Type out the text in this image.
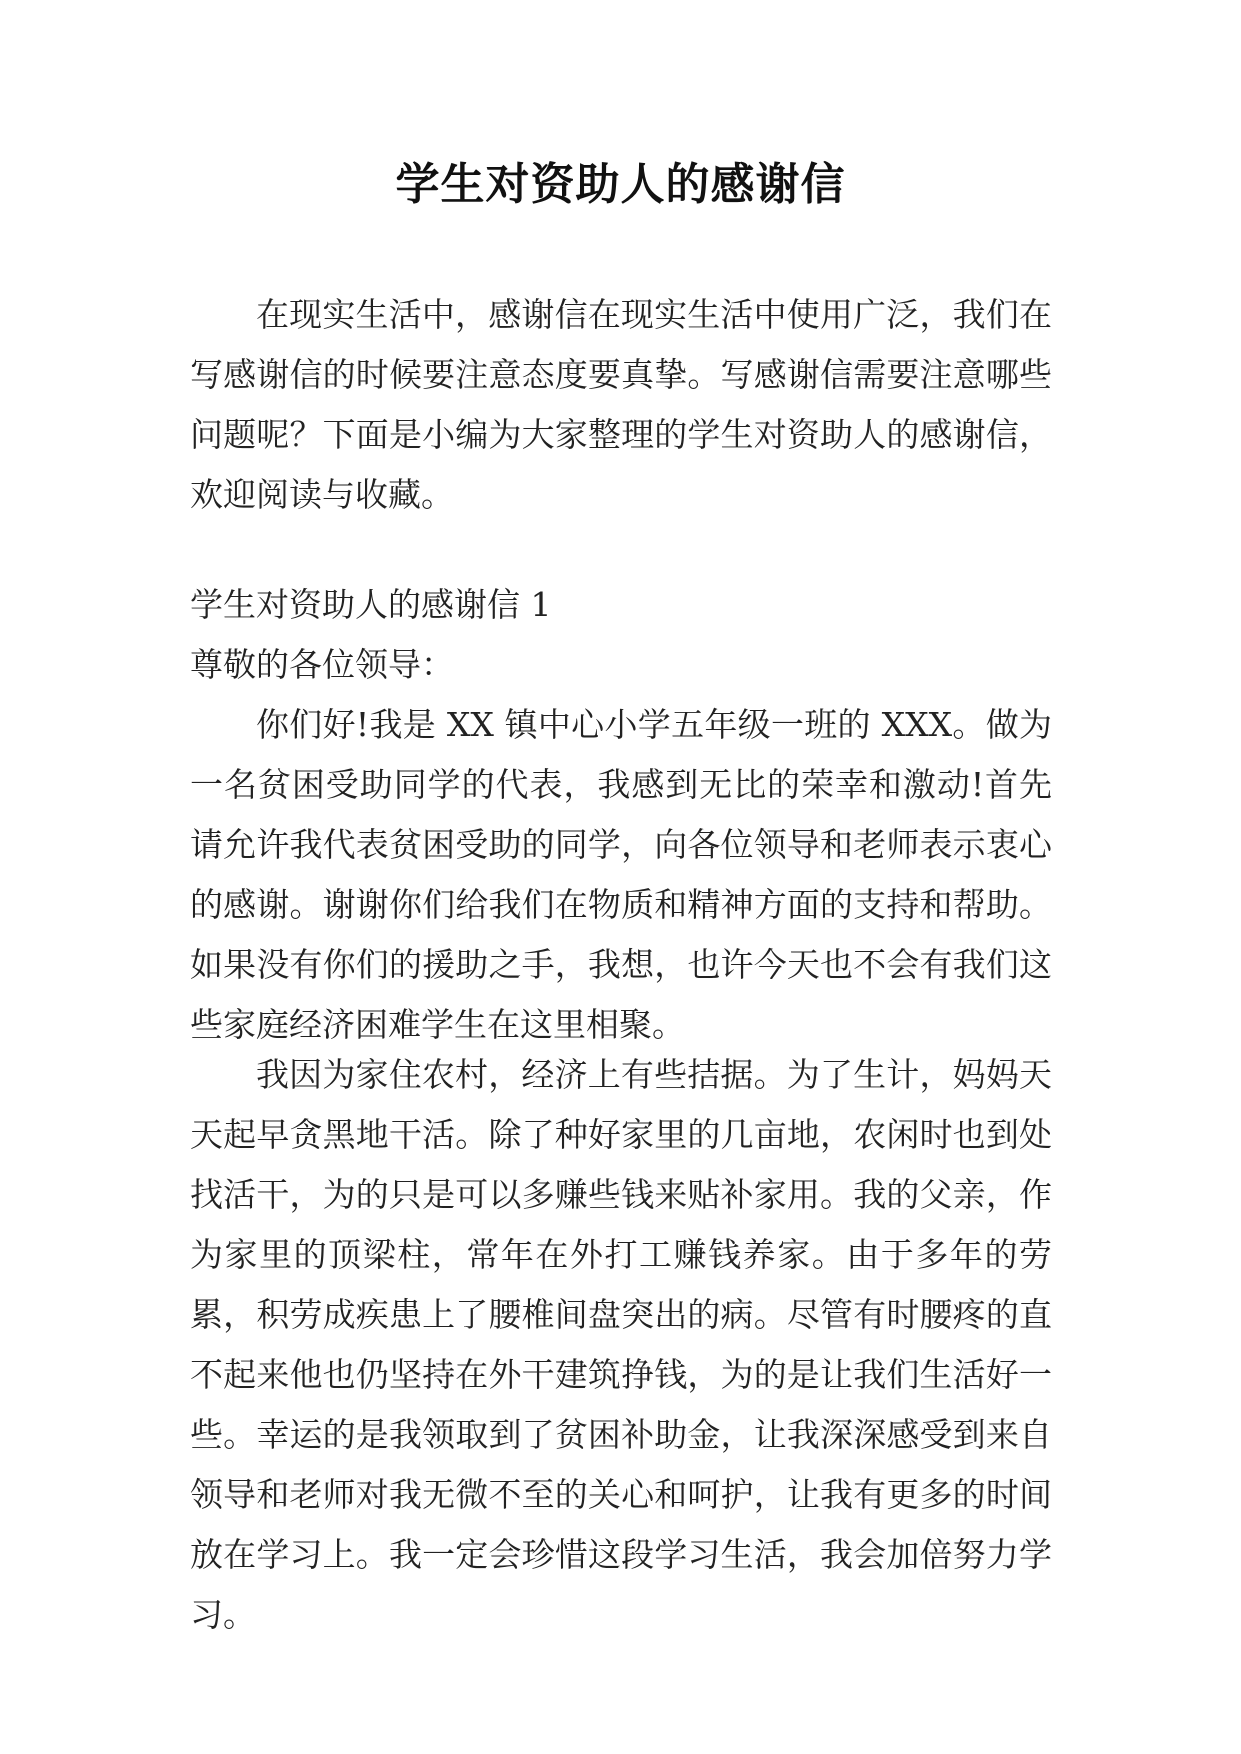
学生对资助人的感谢信

在现实生活中，感谢信在现实生活中使用广泛，我们在写感谢信的时候要注意态度要真挚。写感谢信需要注意哪些问题呢？下面是小编为大家整理的学生对资助人的感谢信，欢迎阅读与收藏。

学生对资助人的感谢信 1

尊敬的各位领导：

你们好!我是 XX 镇中心小学五年级一班的 XXX。做为一名贫困受助同学的代表，我感到无比的荣幸和激动!首先请允许我代表贫困受助的同学，向各位领导和老师表示衷心的感谢。谢谢你们给我们在物质和精神方面的支持和帮助。如果没有你们的援助之手，我想，也许今天也不会有我们这些家庭经济困难学生在这里相聚。

我因为家住农村，经济上有些拮据。为了生计，妈妈天天起早贪黑地干活。除了种好家里的几亩地，农闲时也到处找活干，为的只是可以多赚些钱来贴补家用。我的父亲，作为家里的顶梁柱，常年在外打工赚钱养家。由于多年的劳累，积劳成疾患上了腰椎间盘突出的病。尽管有时腰疼的直不起来他也仍坚持在外干建筑挣钱，为的是让我们生活好一些。幸运的是我领取到了贫困补助金，让我深深感受到来自领导和老师对我无微不至的关心和呵护，让我有更多的时间放在学习上。我一定会珍惜这段学习生活，我会加倍努力学习。
